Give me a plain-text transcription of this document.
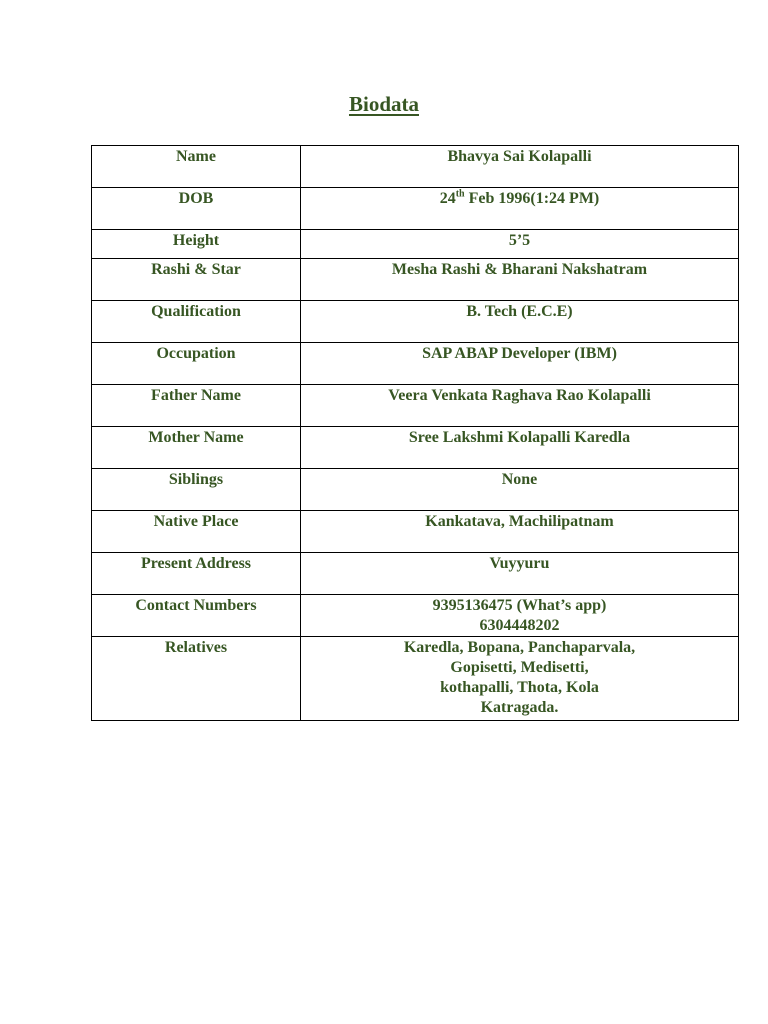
Biodata
Name	Bhavya Sai Kolapalli
DOB	24th Feb 1996(1:24 PM)
Height	5’5
Rashi & Star	Mesha Rashi & Bharani Nakshatram
Qualification	B. Tech (E.C.E)
Occupation	SAP ABAP Developer (IBM)
Father Name	Veera Venkata Raghava Rao Kolapalli
Mother Name	Sree Lakshmi Kolapalli Karedla
Siblings	None
Native Place	Kankatava, Machilipatnam
Present Address	Vuyyuru
Contact Numbers	9395136475 (What’s app)
6304448202

Relatives	Karedla, Bopana, Panchaparvala,
Gopisetti, Medisetti,
kothapalli, Thota, Kola
Katragada.
